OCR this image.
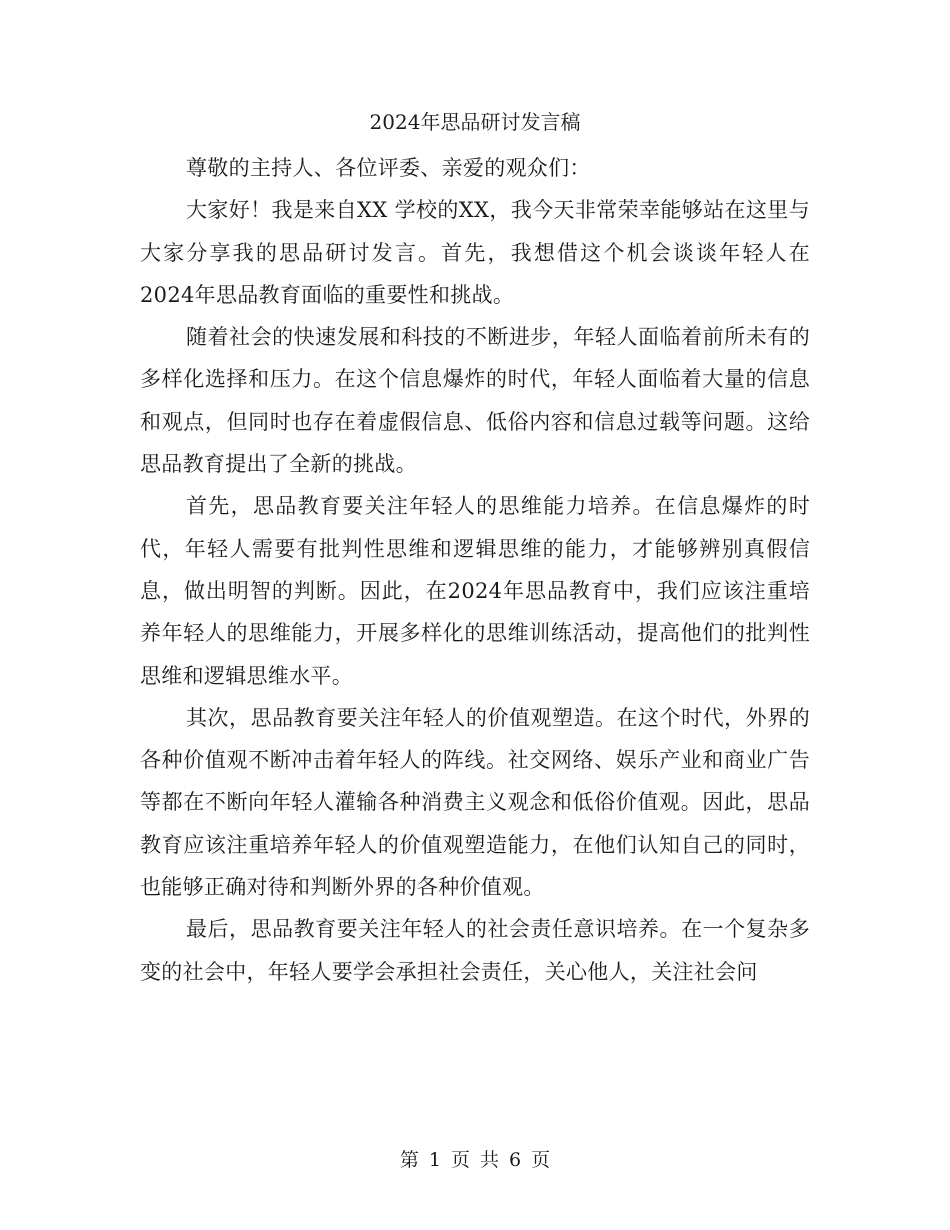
2024年思品研讨发言稿

尊敬的主持人、各位评委、亲爱的观众们：

大家好！我是来自XX 学校的XX，我今天非常荣幸能够站在这里与大家分享我的思品研讨发言。首先，我想借这个机会谈谈年轻人在2024年思品教育面临的重要性和挑战。

随着社会的快速发展和科技的不断进步，年轻人面临着前所未有的多样化选择和压力。在这个信息爆炸的时代，年轻人面临着大量的信息和观点，但同时也存在着虚假信息、低俗内容和信息过载等问题。这给思品教育提出了全新的挑战。

首先，思品教育要关注年轻人的思维能力培养。在信息爆炸的时代，年轻人需要有批判性思维和逻辑思维的能力，才能够辨别真假信息，做出明智的判断。因此，在2024年思品教育中，我们应该注重培养年轻人的思维能力，开展多样化的思维训练活动，提高他们的批判性思维和逻辑思维水平。

其次，思品教育要关注年轻人的价值观塑造。在这个时代，外界的各种价值观不断冲击着年轻人的阵线。社交网络、娱乐产业和商业广告等都在不断向年轻人灌输各种消费主义观念和低俗价值观。因此，思品教育应该注重培养年轻人的价值观塑造能力，在他们认知自己的同时，也能够正确对待和判断外界的各种价值观。

最后，思品教育要关注年轻人的社会责任意识培养。在一个复杂多变的社会中，年轻人要学会承担社会责任，关心他人，关注社会问

第 1 页 共 6 页
